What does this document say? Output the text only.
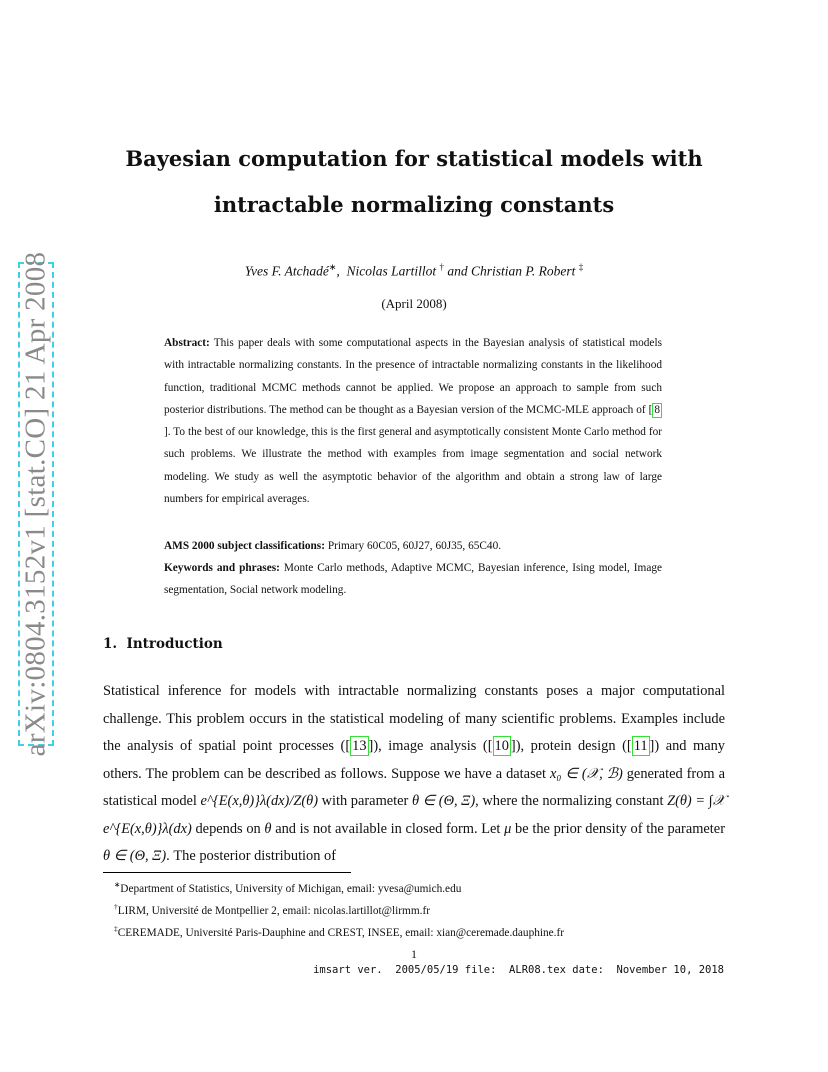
arXiv:0804.3152v1 [stat.CO] 21 Apr 2008
Bayesian computation for statistical models with
intractable normalizing constants
Yves F. Atchadé∗,  Nicolas Lartillot † and Christian P. Robert ‡
(April 2008)
Abstract: This paper deals with some computational aspects in the Bayesian analysis of statistical models with intractable normalizing constants. In the presence of intractable normalizing constants in the likelihood function, traditional MCMC methods cannot be applied. We propose an approach to sample from such posterior distributions. The method can be thought as a Bayesian version of the MCMC-MLE approach of [ 8]. To the best of our knowledge, this is the first general and asymptotically consistent Monte Carlo method for such problems. We illustrate the method with examples from image segmentation and social network modeling. We study as well the asymptotic behavior of the algorithm and obtain a strong law of large numbers for empirical averages.
AMS 2000 subject classifications: Primary 60C05, 60J27, 60J35, 65C40.
Keywords and phrases: Monte Carlo methods, Adaptive MCMC, Bayesian inference, Ising model, Image segmentation, Social network modeling.
1. Introduction
Statistical inference for models with intractable normalizing constants poses a major computational challenge. This problem occurs in the statistical modeling of many scientific problems. Examples include the analysis of spatial point processes ([ 13 ]), image analysis ([ 10 ]), protein design ([ 11 ]) and many others. The problem can be described as follows. Suppose we have a dataset x₀ ∈ (𝒳, ℬ) generated from a statistical model e^{E(x,θ)}λ(dx)/Z(θ) with parameter θ ∈ (Θ, Ξ), where the normalizing constant Z(θ) = ∫𝒳 e^{E(x,θ)}λ(dx) depends on θ and is not available in closed form. Let μ be the prior density of the parameter θ ∈ (Θ, Ξ). The posterior distribution of
∗Department of Statistics, University of Michigan, email: yvesa@umich.edu
†LIRM, Université de Montpellier 2, email: nicolas.lartillot@lirmm.fr
‡CEREMADE, Université Paris-Dauphine and CREST, INSEE, email: xian@ceremade.dauphine.fr
1
imsart ver.  2005/05/19 file:  ALR08.tex date:  November 10, 2018
